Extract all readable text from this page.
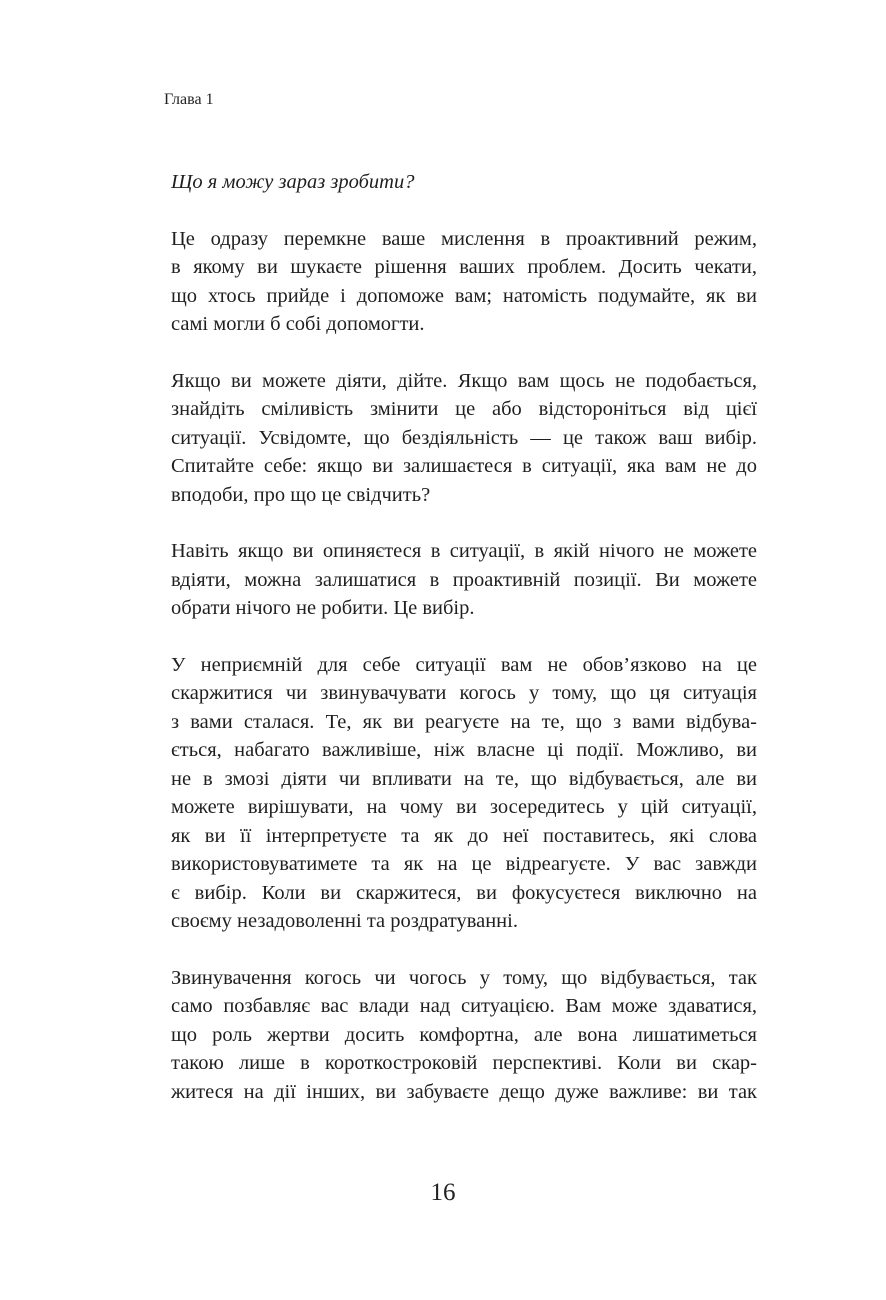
Глава 1
Що я можу зараз зробити?
Це одразу перемкне ваше мислення в проактивний режим,
в якому ви шукаєте рішення ваших проблем. Досить чекати,
що хтось прийде і допоможе вам; натомість подумайте, як ви
самі могли б собі допомогти.
Якщо ви можете діяти, дійте. Якщо вам щось не подобається,
знайдіть сміливість змінити це або відстороніться від цієї
ситуації. Усвідомте, що бездіяльність — це також ваш вибір.
Спитайте себе: якщо ви залишаєтеся в ситуації, яка вам не до
вподоби, про що це свідчить?
Навіть якщо ви опиняєтеся в ситуації, в якій нічого не можете
вдіяти, можна залишатися в проактивній позиції. Ви можете
обрати нічого не робити. Це вибір.
У неприємній для себе ситуації вам не обов’язково на це
скаржитися чи звинувачувати когось у тому, що ця ситуація
з вами сталася. Те, як ви реагуєте на те, що з вами відбува-
ється, набагато важливіше, ніж власне ці події. Можливо, ви
не в змозі діяти чи впливати на те, що відбувається, але ви
можете вирішувати, на чому ви зосередитесь у цій ситуації,
як ви її інтерпретуєте та як до неї поставитесь, які слова
використовуватимете та як на це відреагуєте. У вас завжди
є вибір. Коли ви скаржитеся, ви фокусуєтеся виключно на
своєму незадоволенні та роздратуванні.
Звинувачення когось чи чогось у тому, що відбувається, так
само позбавляє вас влади над ситуацією. Вам може здаватися,
що роль жертви досить комфортна, але вона лишатиметься
такою лише в короткостроковій перспективі. Коли ви скар-
житеся на дії інших, ви забуваєте дещо дуже важливе: ви так
16
